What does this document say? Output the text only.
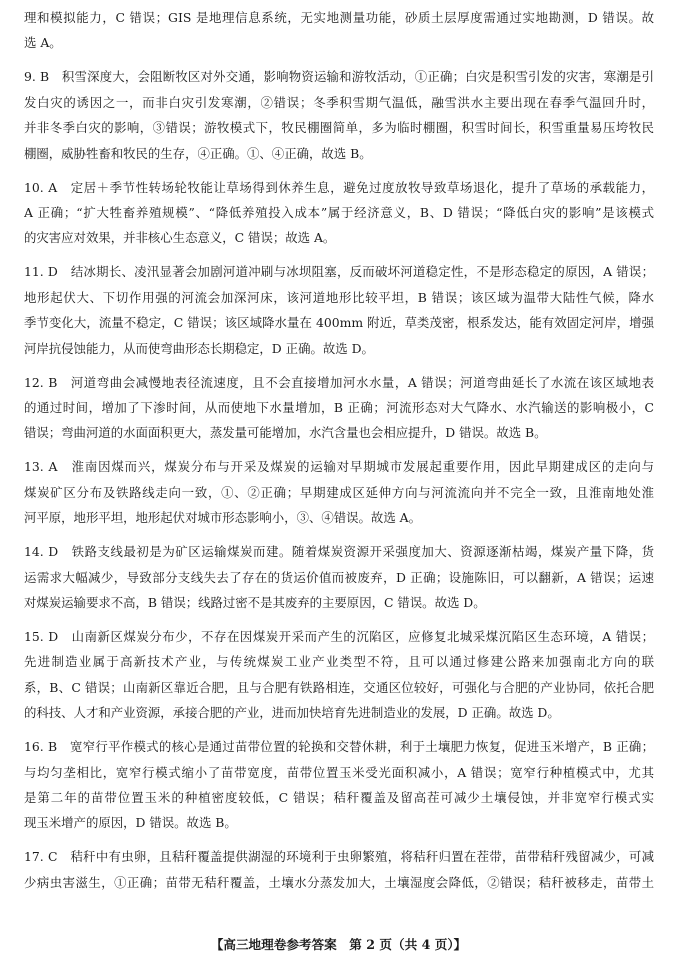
理和模拟能力，C 错误；GIS 是地理信息系统，无实地测量功能，砂质土层厚度需通过实地勘测，D 错误。故
选 A。
9. B　积雪深度大，会阻断牧区对外交通，影响物资运输和游牧活动，①正确；白灾是积雪引发的灾害，寒潮是引
发白灾的诱因之一，而非白灾引发寒潮，②错误；冬季积雪期气温低，融雪洪水主要出现在春季气温回升时，
并非冬季白灾的影响，③错误；游牧模式下，牧民棚圈简单，多为临时棚圈，积雪时间长，积雪重量易压垮牧民
棚圈，威胁牲畜和牧民的生存，④正确。①、④正确，故选 B。
10. A　定居＋季节性转场轮牧能让草场得到休养生息，避免过度放牧导致草场退化，提升了草场的承载能力，
A 正确；“扩大牲畜养殖规模”、“降低养殖投入成本”属于经济意义，B、D 错误；“降低白灾的影响”是该模式
的灾害应对效果，并非核心生态意义，C 错误；故选 A。
11. D　结冰期长、凌汛显著会加剧河道冲刷与冰坝阻塞，反而破坏河道稳定性，不是形态稳定的原因，A 错误；
地形起伏大、下切作用强的河流会加深河床，该河道地形比较平坦，B 错误；该区域为温带大陆性气候，降水
季节变化大，流量不稳定，C 错误；该区域降水量在 400mm 附近，草类茂密，根系发达，能有效固定河岸，增强
河岸抗侵蚀能力，从而使弯曲形态长期稳定，D 正确。故选 D。
12. B　河道弯曲会减慢地表径流速度，且不会直接增加河水水量，A 错误；河道弯曲延长了水流在该区域地表
的通过时间，增加了下渗时间，从而使地下水量增加，B 正确；河流形态对大气降水、水汽输送的影响极小，C
错误；弯曲河道的水面面积更大，蒸发量可能增加，水汽含量也会相应提升，D 错误。故选 B。
13. A　淮南因煤而兴，煤炭分布与开采及煤炭的运输对早期城市发展起重要作用，因此早期建成区的走向与
煤炭矿区分布及铁路线走向一致，①、②正确；早期建成区延伸方向与河流流向并不完全一致，且淮南地处淮
河平原，地形平坦，地形起伏对城市形态影响小，③、④错误。故选 A。
14. D　铁路支线最初是为矿区运输煤炭而建。随着煤炭资源开采强度加大、资源逐渐枯竭，煤炭产量下降，货
运需求大幅减少，导致部分支线失去了存在的货运价值而被废弃，D 正确；设施陈旧，可以翻新，A 错误；运速
对煤炭运输要求不高，B 错误；线路过密不是其废弃的主要原因，C 错误。故选 D。
15. D　山南新区煤炭分布少，不存在因煤炭开采而产生的沉陷区，应修复北城采煤沉陷区生态环境，A 错误；
先进制造业属于高新技术产业，与传统煤炭工业产业类型不符，且可以通过修建公路来加强南北方向的联
系，B、C 错误；山南新区靠近合肥，且与合肥有铁路相连，交通区位较好，可强化与合肥的产业协同，依托合肥
的科技、人才和产业资源，承接合肥的产业，进而加快培育先进制造业的发展，D 正确。故选 D。
16. B　宽窄行平作模式的核心是通过苗带位置的轮换和交替休耕，利于土壤肥力恢复，促进玉米增产，B 正确；
与均匀垄相比，宽窄行模式缩小了苗带宽度，苗带位置玉米受光面积减小，A 错误；宽窄行种植模式中，尤其
是第二年的苗带位置玉米的种植密度较低，C 错误；秸秆覆盖及留高茬可减少土壤侵蚀，并非宽窄行模式实
现玉米增产的原因，D 错误。故选 B。
17. C　秸秆中有虫卵，且秸秆覆盖提供湖湿的环境利于虫卵繁殖，将秸秆归置在茬带，苗带秸秆残留减少，可减
少病虫害滋生，①正确；苗带无秸秆覆盖，土壤水分蒸发加大，土壤湿度会降低，②错误；秸秆被移走，苗带土
【高三地理卷参考答案　第 2 页（共 4 页）】
